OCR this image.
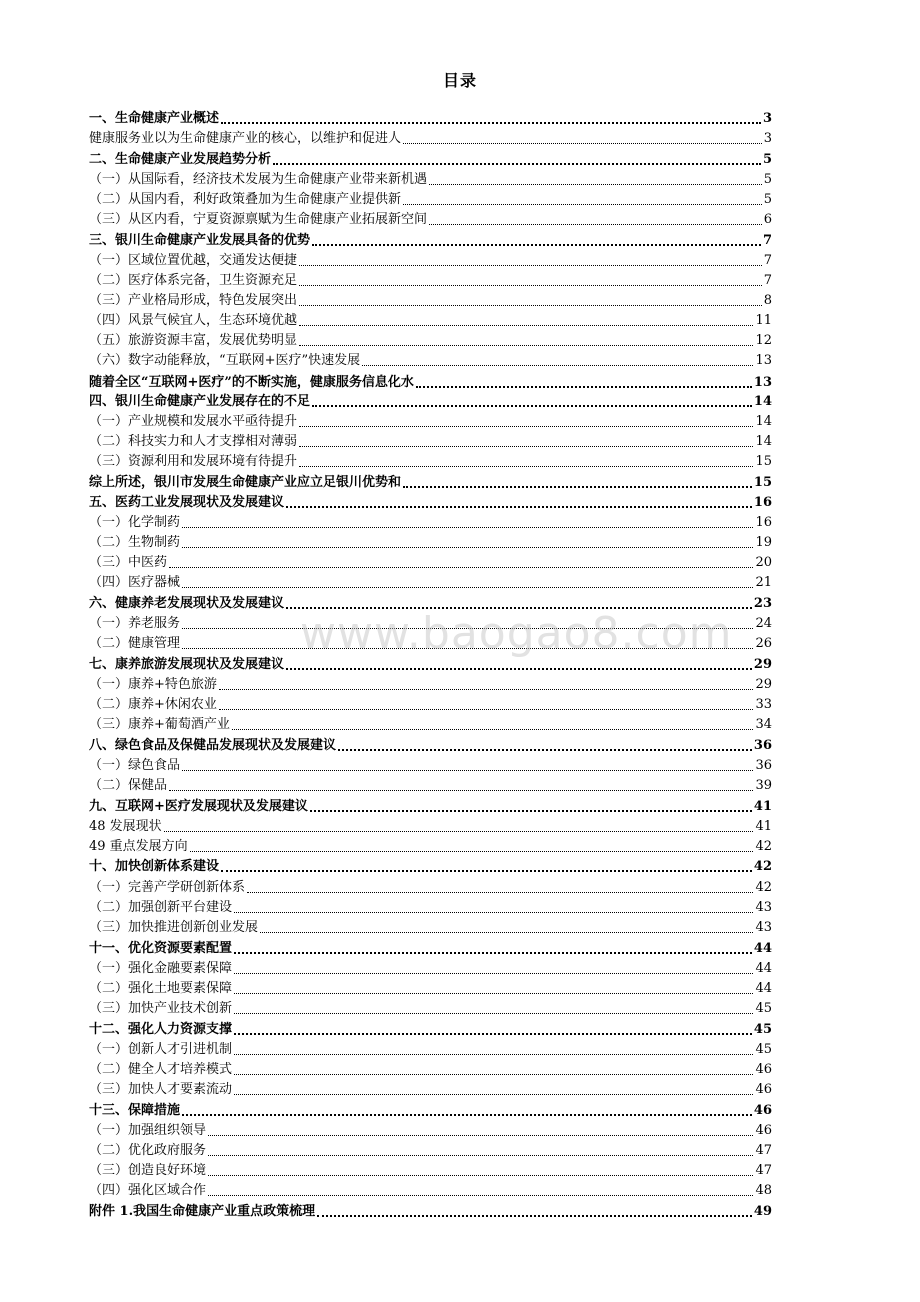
目录
一、生命健康产业概述	3
健康服务业以为生命健康产业的核心，以维护和促进人	3
二、生命健康产业发展趋势分析	5
（一）从国际看，经济技术发展为生命健康产业带来新机遇	5
（二）从国内看，利好政策叠加为生命健康产业提供新	5
（三）从区内看，宁夏资源禀赋为生命健康产业拓展新空间	6
三、银川生命健康产业发展具备的优势	7
（一）区域位置优越，交通发达便捷	7
（二）医疗体系完备，卫生资源充足	7
（三）产业格局形成，特色发展突出	8
（四）风景气候宜人，生态环境优越	11
（五）旅游资源丰富，发展优势明显	12
（六）数字动能释放，“互联网+医疗”快速发展	13
随着全区“互联网+医疗”的不断实施，健康服务信息化水	13
四、银川生命健康产业发展存在的不足	14
（一）产业规模和发展水平亟待提升	14
（二）科技实力和人才支撑相对薄弱	14
（三）资源利用和发展环境有待提升	15
综上所述，银川市发展生命健康产业应立足银川优势和	15
五、医药工业发展现状及发展建议	16
（一）化学制药	16
（二）生物制药	19
（三）中医药	20
（四）医疗器械	21
六、健康养老发展现状及发展建议	23
（一）养老服务	24
（二）健康管理	26
七、康养旅游发展现状及发展建议	29
（一）康养+特色旅游	29
（二）康养+休闲农业	33
（三）康养+葡萄酒产业	34
八、绿色食品及保健品发展现状及发展建议	36
（一）绿色食品	36
（二）保健品	39
九、互联网+医疗发展现状及发展建议	41
48 发展现状	41
49 重点发展方向	42
十、加快创新体系建设	42
（一）完善产学研创新体系	42
（二）加强创新平台建设	43
（三）加快推进创新创业发展	43
十一、优化资源要素配置	44
（一）强化金融要素保障	44
（二）强化土地要素保障	44
（三）加快产业技术创新	45
十二、强化人力资源支撑	45
（一）创新人才引进机制	45
（二）健全人才培养模式	46
（三）加快人才要素流动	46
十三、保障措施	46
（一）加强组织领导	46
（二）优化政府服务	47
（三）创造良好环境	47
（四）强化区域合作	48
附件 1.我国生命健康产业重点政策梳理	49
www.baogao8.com
